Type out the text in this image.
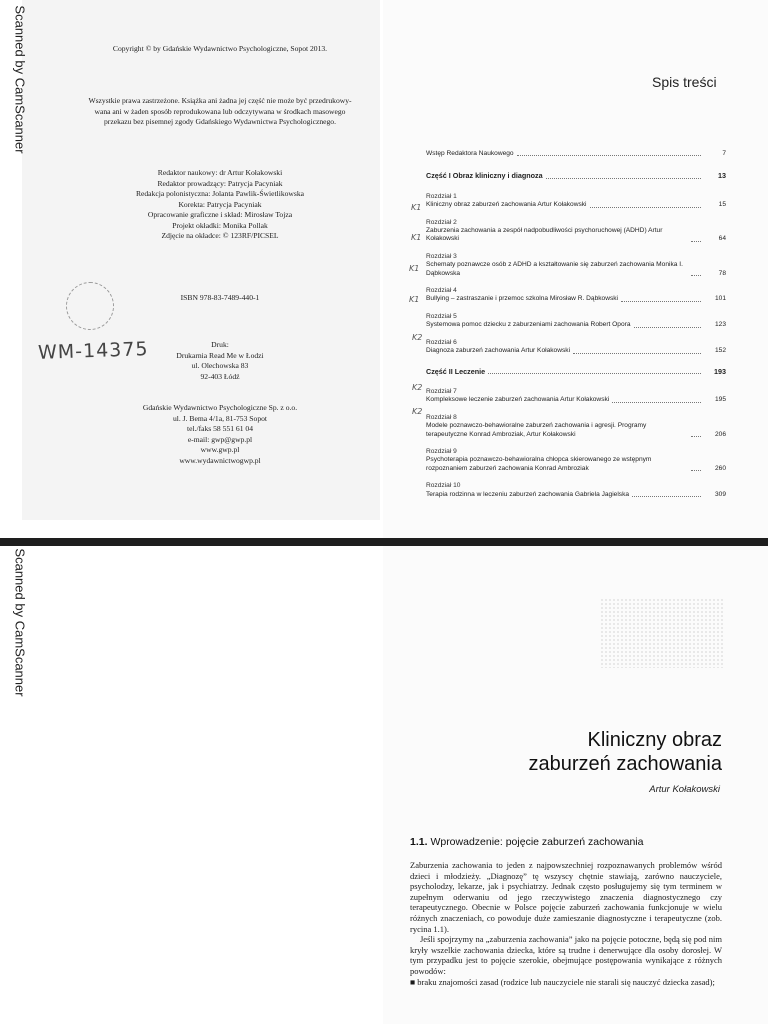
Scanned by CamScanner
Scanned by CamScanner
Copyright © by Gdańskie Wydawnictwo Psychologiczne, Sopot 2013.
Wszystkie prawa zastrzeżone. Książka ani żadna jej część nie może być przedrukowy-
wana ani w żaden sposób reprodukowana lub odczytywana w środkach masowego
przekazu bez pisemnej zgody Gdańskiego Wydawnictwa Psychologicznego.
Redaktor naukowy: dr Artur Kołakowski
Redaktor prowadzący: Patrycja Pacyniak
Redakcja polonistyczna: Jolanta Pawlik-Świetlikowska
Korekta: Patrycja Pacyniak
Opracowanie graficzne i skład: Mirosław Tojza
Projekt okładki: Monika Pollak
Zdjęcie na okładce: © 123RF/PICSEL
ISBN 978-83-7489-440-1
WM-14375	Druk:
Drukarnia Read Me w Łodzi
ul. Olechowska 83
92-403 Łódź
Gdańskie Wydawnictwo Psychologiczne Sp. z o.o.
ul. J. Bema 4/1a, 81-753 Sopot
tel./faks 58 551 61 04
e-mail: gwp@gwp.pl
www.gwp.pl
www.wydawnictwogwp.pl
Spis treści
Wstęp Redaktora Naukowego	7
Część I Obraz kliniczny i diagnoza	13
Rozdział 1
Kliniczny obraz zaburzeń zachowania Artur Kołakowski	15
Rozdział 2
Zaburzenia zachowania a zespół nadpobudliwości psychoruchowej (ADHD) Artur Kołakowski	64
Rozdział 3
Schematy poznawcze osób z ADHD a kształtowanie się zaburzeń zachowania Monika I. Dąbkowska	78
Rozdział 4
Bullying – zastraszanie i przemoc szkolna Mirosław R. Dąbkowski	101
Rozdział 5
Systemowa pomoc dziecku z zaburzeniami zachowania Robert Opora	123
Rozdział 6
Diagnoza zaburzeń zachowania Artur Kołakowski	152
Część II Leczenie	193
Rozdział 7
Kompleksowe leczenie zaburzeń zachowania Artur Kołakowski	195
Rozdział 8
Modele poznawczo-behawioralne zaburzeń zachowania i agresji. Programy terapeutyczne Konrad Ambroziak, Artur Kołakowski	206
Rozdział 9
Psychoterapia poznawczo-behawioralna chłopca skierowanego ze wstępnym rozpoznaniem zaburzeń zachowania Konrad Ambroziak	260
Rozdział 10
Terapia rodzinna w leczeniu zaburzeń zachowania Gabriela Jagielska	309
K1
K1
K1
K1
K2
K2
K2
Kliniczny obraz
zaburzeń zachowania
Artur Kołakowski
1.1. Wprowadzenie: pojęcie zaburzeń zachowania

Zaburzenia zachowania to jeden z najpowszechniej rozpoznawanych problemów wśród dzieci i młodzieży. „Diagnozę” tę wszyscy chętnie stawiają, zarówno nauczyciele, psycholodzy, lekarze, jak i psychiatrzy. Jednak często posługujemy się tym terminem w zupełnym oderwaniu od jego rzeczywistego znaczenia diagnostycznego czy terapeutycznego. Obecnie w Polsce pojęcie zaburzeń zachowania funkcjonuje w wielu różnych znaczeniach, co powoduje duże zamieszanie diagnostyczne i terapeutyczne (zob. rycina 1.1).

Jeśli spojrzymy na „zaburzenia zachowania” jako na pojęcie potoczne, będą się pod nim kryły wszelkie zachowania dziecka, które są trudne i denerwujące dla osoby dorosłej. W tym przypadku jest to pojęcie szerokie, obejmujące postępowania wynikające z różnych powodów:

■ braku znajomości zasad (rodzice lub nauczyciele nie starali się nauczyć dziecka zasad);
